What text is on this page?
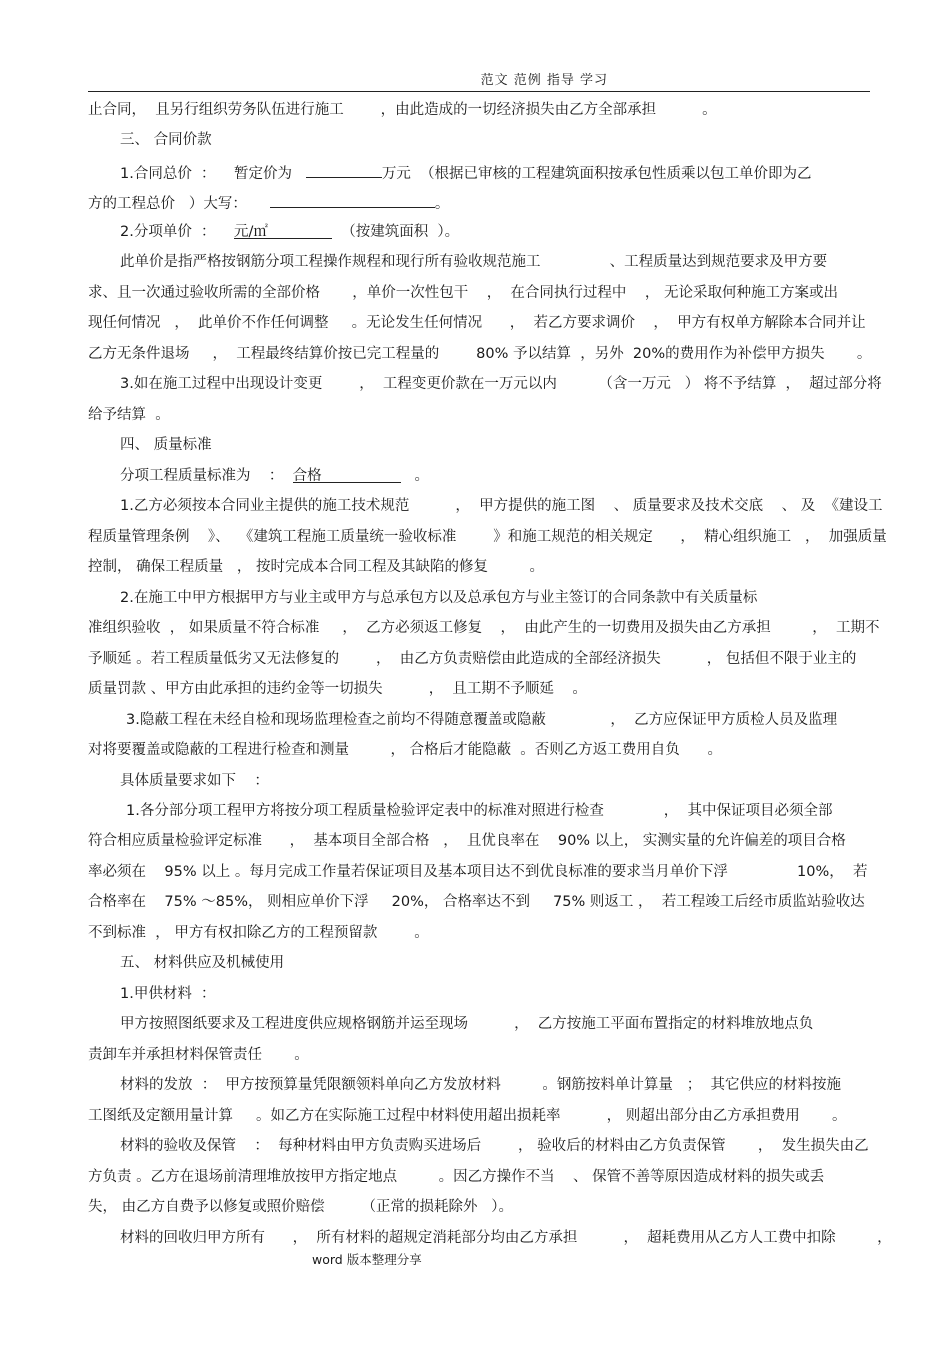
范文 范例 指导 学习
止合同，  且另行组织劳务队伍进行施工        ，由此造成的一切经济损失由乙方全部承担          。
三、 合同价款
1.合同总价  ：    暂定价为	万元  （根据已审核的工程建筑面积按承包性质乘以包工单价即为乙
方的工程总价   ）大写：	。
2.分项单价  ：    元/㎡	（按建筑面积  ）。
此单价是指严格按钢筋分项工程操作规程和现行所有验收规范施工               、工程质量达到规范要求及甲方要
求、且一次通过验收所需的全部价格       ，单价一次性包干    ，  在合同执行过程中    ， 无论采取何种施工方案或出
现任何情况   ，  此单价不作任何调整     。无论发生任何情况      ，  若乙方要求调价    ，  甲方有权单方解除本合同并让
乙方无条件退场     ，  工程最终结算价按已完工程量的        80% 予以结算  ，另外  20%的费用作为补偿甲方损失       。
3.如在施工过程中出现设计变更        ，  工程变更价款在一万元以内         （含一万元   ） 将不予结算  ，  超过部分将
给予结算  。
四、 质量标准
分项工程质量标准为    ：  合格	。
1.乙方必须按本合同业主提供的施工技术规范          ，  甲方提供的施工图    、 质量要求及技术交底    、 及  《建设工
程质量管理条例    》、  《建筑工程施工质量统一验收标准        》和施工规范的相关规定      ，  精心组织施工   ，  加强质量
控制， 确保工程质量   ， 按时完成本合同工程及其缺陷的修复         。
2.在施工中甲方根据甲方与业主或甲方与总承包方以及总承包方与业主签订的合同条款中有关质量标
准组织验收  ， 如果质量不符合标准     ，  乙方必须返工修复    ，  由此产生的一切费用及损失由乙方承担         ，  工期不
予顺延 。若工程质量低劣又无法修复的        ，  由乙方负责赔偿由此造成的全部经济损失          ， 包括但不限于业主的
质量罚款 、甲方由此承担的违约金等一切损失          ，  且工期不予顺延    。
3.隐蔽工程在未经自检和现场监理检查之前均不得随意覆盖或隐蔽              ，  乙方应保证甲方质检人员及监理
对将要覆盖或隐蔽的工程进行检查和测量         ， 合格后才能隐蔽  。否则乙方返工费用自负      。
具体质量要求如下    ：
1.各分部分项工程甲方将按分项工程质量检验评定表中的标准对照进行检查             ，  其中保证项目必须全部
符合相应质量检验评定标准      ，  基本项目全部合格   ，  且优良率在    90% 以上， 实测实量的允许偏差的项目合格
率必须在    95% 以上 。每月完成工作量若保证项目及基本项目达不到优良标准的要求当月单价下浮               10%，  若
合格率在    75% ～85%， 则相应单价下浮     20%， 合格率达不到     75% 则返工 ，  若工程竣工后经市质监站验收达
不到标准  ， 甲方有权扣除乙方的工程预留款        。
五、 材料供应及机械使用
1.甲供材料  ：
甲方按照图纸要求及工程进度供应规格钢筋并运至现场          ，  乙方按施工平面布置指定的材料堆放地点负
责卸车并承担材料保管责任       。
材料的发放  ：  甲方按预算量凭限额领料单向乙方发放材料         。钢筋按料单计算量   ；  其它供应的材料按施
工图纸及定额用量计算     。如乙方在实际施工过程中材料使用超出损耗率          ， 则超出部分由乙方承担费用       。
材料的验收及保管    ：  每种材料由甲方负责购买进场后        ， 验收后的材料由乙方负责保管       ，  发生损失由乙
方负责 。乙方在退场前清理堆放按甲方指定地点         。因乙方操作不当    、 保管不善等原因造成材料的损失或丢
失， 由乙方自费予以修复或照价赔偿        （正常的损耗除外   ）。
材料的回收归甲方所有      ，  所有材料的超规定消耗部分均由乙方承担          ，  超耗费用从乙方人工费中扣除         ，
word 版本整理分享
